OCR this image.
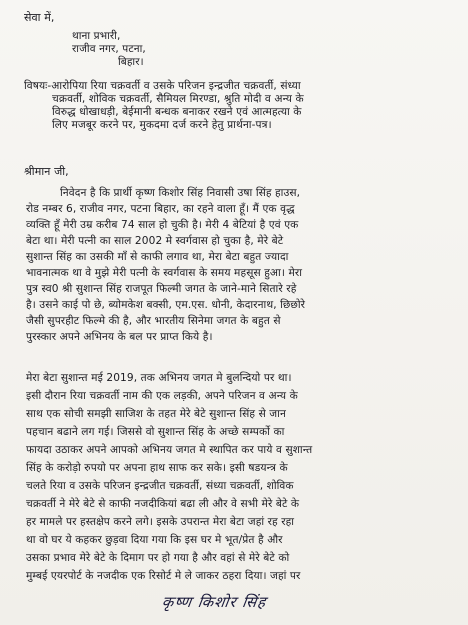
सेवा में,
थाना प्रभारी,
राजीव नगर, पटना,
बिहार।
विषयः-आरोपिया रिया चक्रवर्ती व उसके परिजन इन्द्रजीत चक्रवर्ती, संध्या
चक्रवर्ती, शोविक चक्रवर्ती, सैमियल मिरण्डा, श्रुति मोदी व अन्य के
विरुद्ध धोखाधड़ी, बेईमानी बन्धक बनाकर रखने एवं आत्महत्या के
लिए मजबूर करने पर, मुकदमा दर्ज करने हेतु प्रार्थना-पत्र।
श्रीमान जी,
निवेदन है कि प्रार्थी कृष्ण किशोर सिंह निवासी उषा सिंह हाउस,
रोड नम्बर 6, राजीव नगर, पटना बिहार, का रहने वाला हूँ। मैं एक वृद्ध
व्यक्ति हूँ मेरी उम्र करीब 74 साल हो चुकी है। मेरी 4 बेटियां है एवं एक
बेटा था। मेरी पत्नी का साल 2002 मे स्वर्गवास हो चुका है, मेरे बेटे
सुशान्त सिंह का उसकी माँ से काफी लगाव था, मेरा बेटा बहुत ज्यादा
भावनात्मक था वे मुझे मेरी पत्नी के स्वर्गवास के समय महसूस हुआ। मेरा
पुत्र स्व0 श्री सुशान्त सिंह राजपूत फिल्मी जगत के जाने-माने सितारे रहे
है। उसने काई पो छे, ब्योमकेश बक्सी, एम.एस. धोनी, केदारनाथ, छिछोरे
जैसी सुपरहीट फिल्मे की है, और भारतीय सिनेमा जगत के बहुत से
पुरस्कार अपने अभिनय के बल पर प्राप्त किये है।
मेरा बेटा सुशान्त मई 2019, तक अभिनय जगत मे बुलन्दियो पर था।
इसी दौरान रिया चक्रवर्ती नाम की एक लड़की, अपने परिजन व अन्य के
साथ एक सोची समझी साजिश के तहत मेरे बेटे सुशान्त सिंह से जान
पहचान बढाने लग गई। जिससे वो सुशान्त सिंह के अच्छे सम्पर्को का
फायदा उठाकर अपने आपको अभिनय जगत मे स्थापित कर पाये व सुशान्त
सिंह के करोड़ो रुपयो पर अपना हाथ साफ कर सके। इसी षडयन्त्र के
चलते रिया व उसके परिजन इन्द्रजीत चक्रवर्ती, संध्या चक्रवर्ती, शोविक
चक्रवर्ती ने मेरे बेटे से काफी नजदीकियां बढा ली और वे सभी मेरे बेटे के
हर मामले पर हस्तक्षेप करने लगे। इसके उपरान्त मेरा बेटा जहां रह रहा
था वो घर ये कहकर छुड़वा दिया गया कि इस घर मे भूत/प्रेत है और
उसका प्रभाव मेरे बेटे के दिमाग पर हो गया है और वहां से मेरे बेटे को
मुम्बई एयरपोर्ट के नजदीक एक रिसोर्ट मे ले जाकर ठहरा दिया। जहां पर
कृष्ण किशोर सिंह
